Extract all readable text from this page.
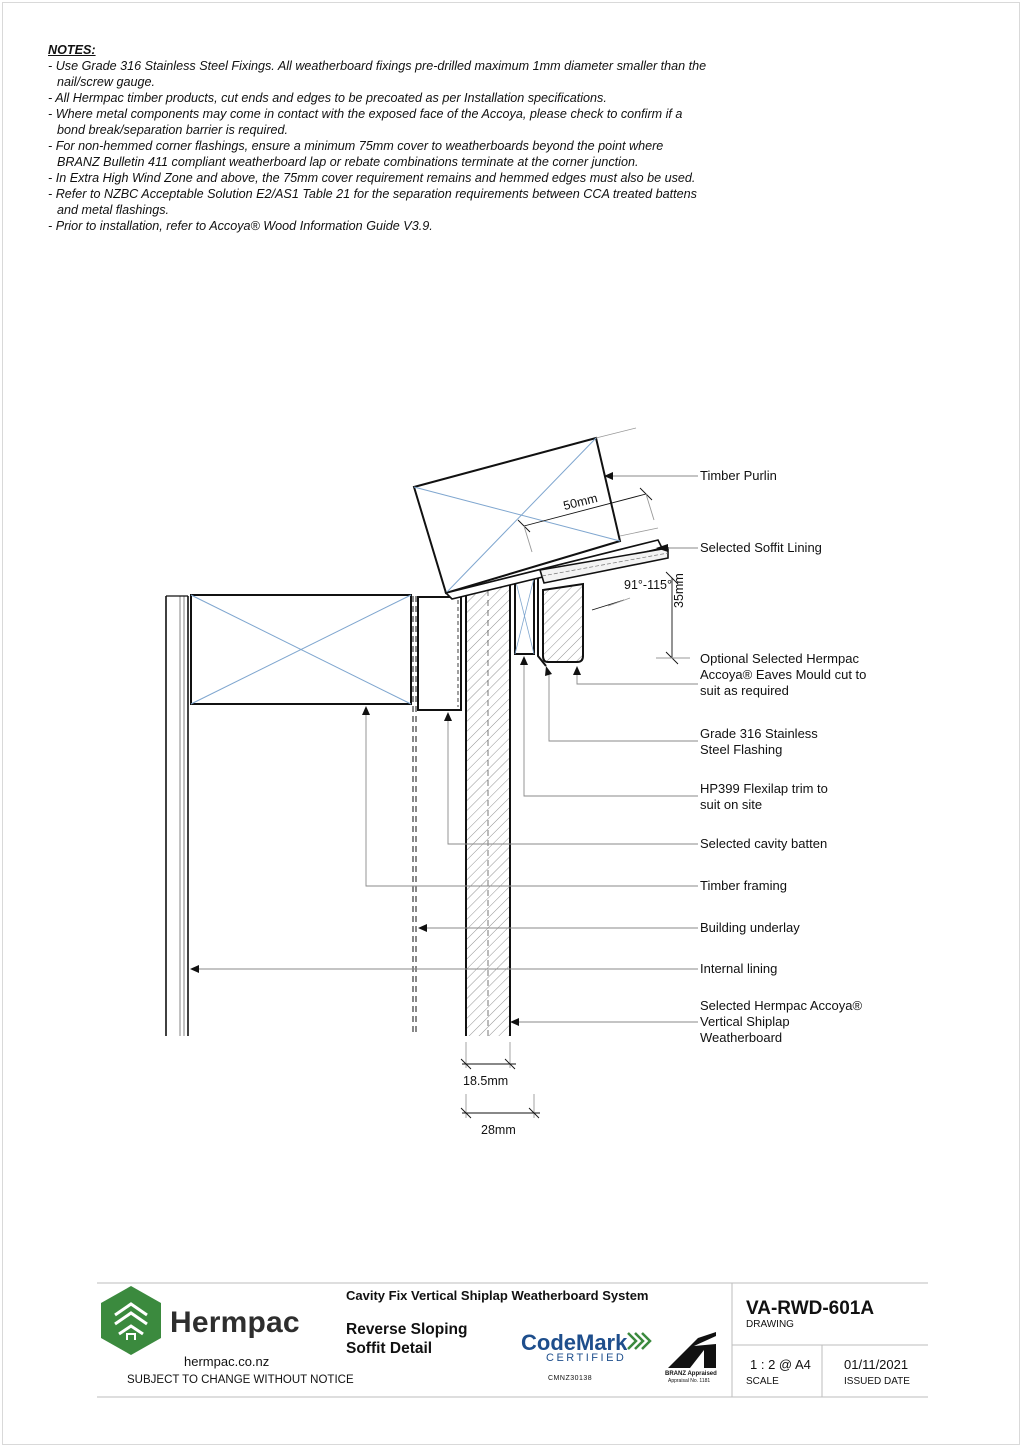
NOTES:
- Use Grade 316 Stainless Steel Fixings. All weatherboard fixings pre-drilled maximum 1mm diameter smaller than the nail/screw gauge.
- All Hermpac timber products, cut ends and edges to be precoated as per Installation specifications.
- Where metal components may come in contact with the exposed face of the Accoya, please check to confirm if a bond break/separation barrier is required.
- For non-hemmed corner flashings, ensure a minimum 75mm cover to weatherboards beyond the point where BRANZ Bulletin 411 compliant weatherboard lap or rebate combinations terminate at the corner junction.
- In Extra High Wind Zone and above, the 75mm cover requirement remains and hemmed edges must also be used.
- Refer to NZBC Acceptable Solution E2/AS1 Table 21 for the separation requirements between CCA treated battens and metal flashings.
- Prior to installation, refer to Accoya® Wood Information Guide V3.9.
50mm
91°-115° 35mm
18.5mm
28mm
Timber Purlin
Selected Soffit Lining
Optional Selected Hermpac Accoya® Eaves Mould cut to suit as required
Grade 316 Stainless Steel Flashing
HP399 Flexilap trim to suit on site
Selected cavity batten
Timber framing
Building underlay
Internal lining
Selected Hermpac Accoya® Vertical Shiplap Weatherboard
Hermpac
hermpac.co.nz
SUBJECT TO CHANGE WITHOUT NOTICE
Cavity Fix Vertical Shiplap Weatherboard System
Reverse Sloping Soffit Detail	CodeMark
CERTIFIED
CMNZ30138
BRANZ Appraised
Appraisal No. 1181
VA-RWD-601A
DRAWING
1 : 2 @ A4
SCALE
01/11/2021
ISSUED DATE
